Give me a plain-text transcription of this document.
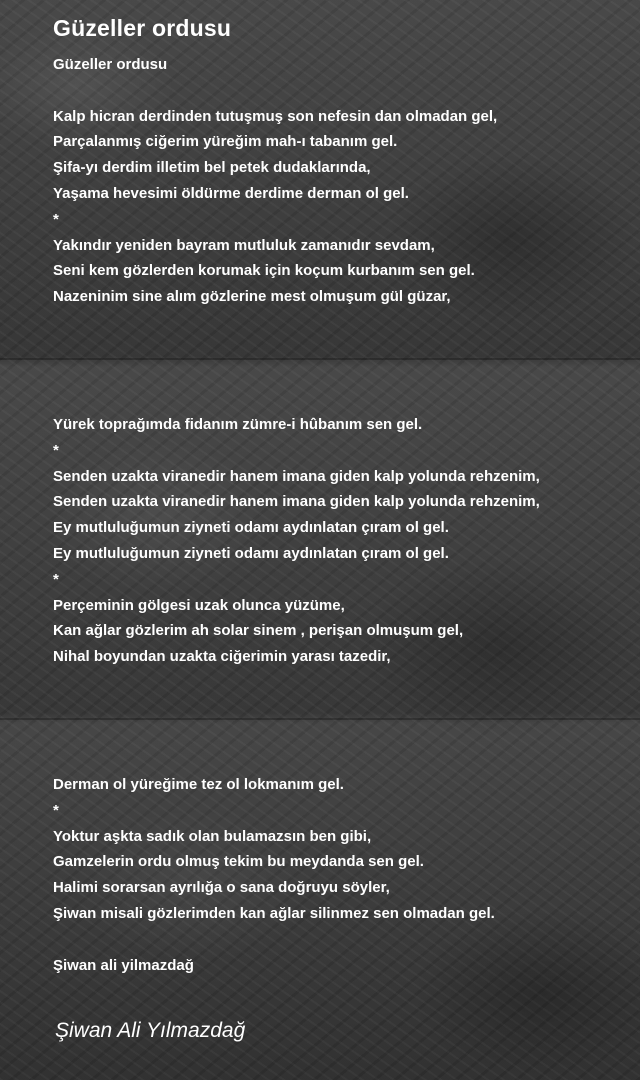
Güzeller ordusu
Güzeller ordusu
Kalp hicran derdinden tutuşmuş son nefesin dan olmadan gel,
Parçalanmış ciğerim yüreğim mah-ı tabanım gel.
Şifa-yı derdim illetim bel petek dudaklarında,
Yaşama hevesimi öldürme derdime derman ol gel.
*
Yakındır yeniden bayram mutluluk zamanıdır sevdam,
Seni kem gözlerden korumak için koçum kurbanım sen gel.
Nazeninim sine alım gözlerine mest olmuşum gül güzar,
Yürek toprağımda fidanım zümre-i hûbanım sen gel.
*
Senden uzakta viranedir hanem imana giden kalp yolunda rehzenim,
Senden uzakta viranedir hanem imana giden kalp yolunda rehzenim,
Ey mutluluğumun ziyneti odamı aydınlatan çıram ol gel.
Ey mutluluğumun ziyneti odamı aydınlatan çıram ol gel.
*
Perçeminin gölgesi uzak olunca yüzüme,
Kan ağlar gözlerim ah solar sinem , perişan olmuşum gel,
Nihal boyundan uzakta ciğerimin yarası tazedir,
Derman ol yüreğime tez ol lokmanım gel.
*
Yoktur aşkta sadık olan bulamazsın ben gibi,
Gamzelerin ordu olmuş tekim bu meydanda sen gel.
Halimi sorarsan ayrılığa o sana doğruyu söyler,
Şiwan misali gözlerimden kan ağlar silinmez sen olmadan gel.
Şiwan ali yilmazdağ

Şiwan Ali Yılmazdağ
